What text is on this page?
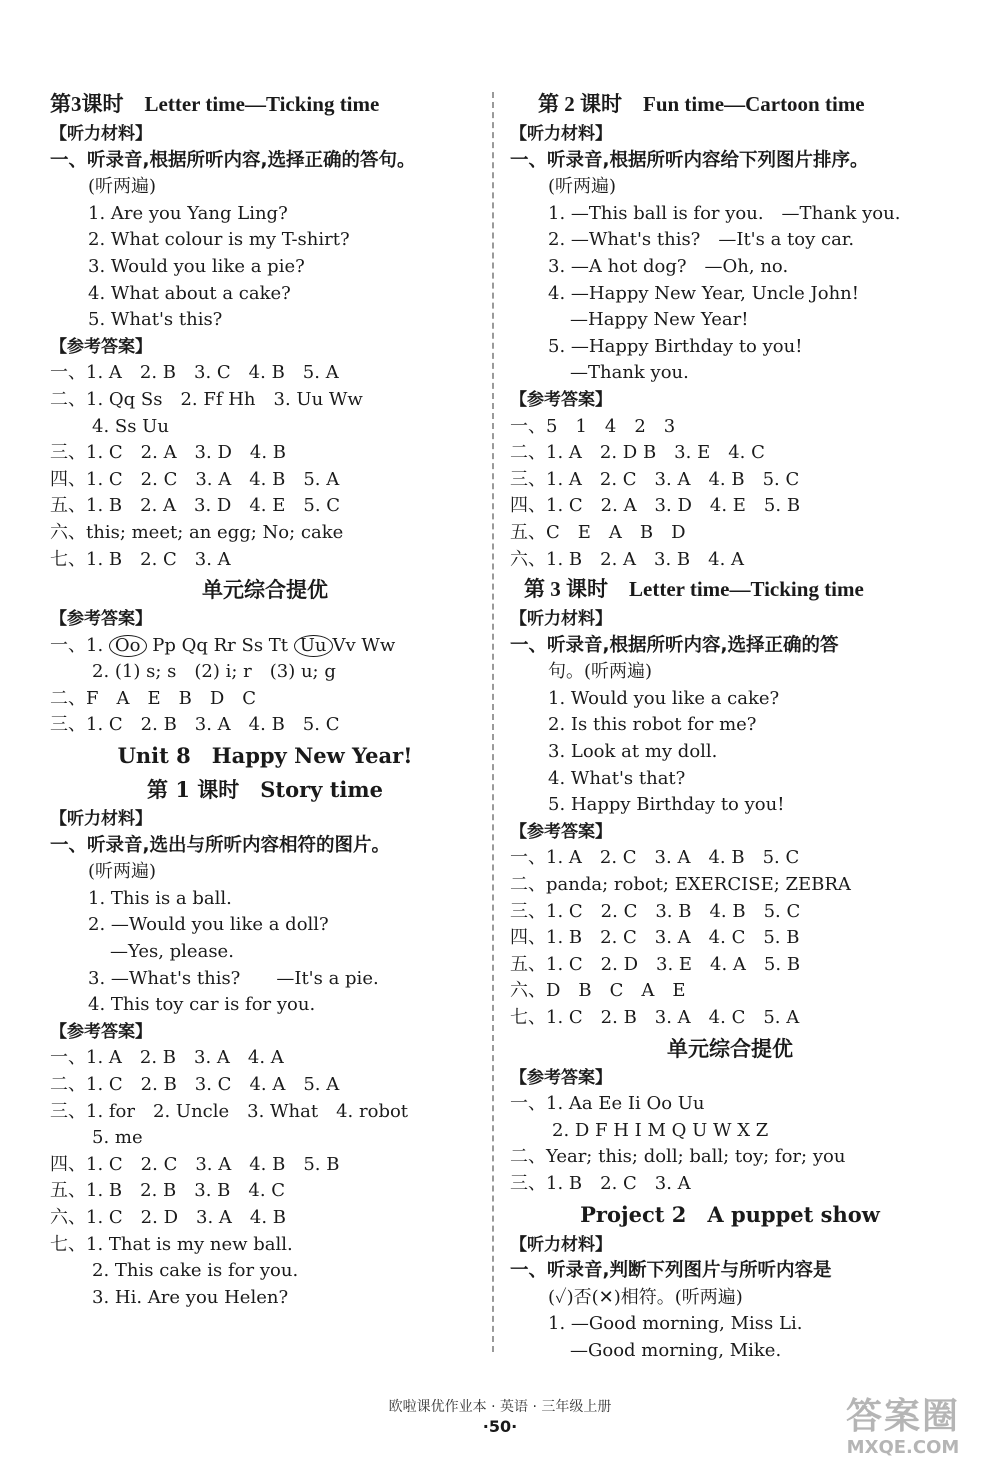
第3课时　Letter time—Ticking time
【听力材料】
一、听录音,根据所听内容,选择正确的答句。
(听两遍)
1. Are you Yang Ling?
2. What colour is my T-shirt?
3. Would you like a pie?
4. What about a cake?
5. What's this?
【参考答案】
一、1. A　2. B　3. C　4. B　5. A
二、1. Qq Ss　2. Ff Hh　3. Uu Ww
4. Ss Uu
三、1. C　2. A　3. D　4. B
四、1. C　2. C　3. A　4. B　5. A
五、1. B　2. A　3. D　4. E　5. C
六、this; meet; an egg; No; cake
七、1. B　2. C　3. A
单元综合提优
【参考答案】
一、1. Oo Pp Qq Rr Ss Tt Uu Vv Ww
2. (1) s; s　(2) i; r　(3) u; g
二、F　A　E　B　D　C
三、1. C　2. B　3. A　4. B　5. C
Unit 8　Happy New Year!
第 1 课时　Story time
【听力材料】
一、听录音,选出与所听内容相符的图片。
(听两遍)
1. This is a ball.
2. —Would you like a doll?
—Yes, please.
3. —What's this?　　—It's a pie.
4. This toy car is for you.
【参考答案】
一、1. A　2. B　3. A　4. A
二、1. C　2. B　3. C　4. A　5. A
三、1. for　2. Uncle　3. What　4. robot
5. me
四、1. C　2. C　3. A　4. B　5. B
五、1. B　2. B　3. B　4. C
六、1. C　2. D　3. A　4. B
七、1. That is my new ball.
2. This cake is for you.
3. Hi. Are you Helen?
第 2 课时　Fun time—Cartoon time
【听力材料】
一、听录音,根据所听内容给下列图片排序。
(听两遍)
1. —This ball is for you.　—Thank you.
2. —What's this?　—It's a toy car.
3. —A hot dog?　—Oh, no.
4. —Happy New Year, Uncle John!
—Happy New Year!
5. —Happy Birthday to you!
—Thank you.
【参考答案】
一、5　1　4　2　3
二、1. A　2. D B　3. E　4. C
三、1. A　2. C　3. A　4. B　5. C
四、1. C　2. A　3. D　4. E　5. B
五、C　E　A　B　D
六、1. B　2. A　3. B　4. A
第 3 课时　Letter time—Ticking time
【听力材料】
一、听录音,根据所听内容,选择正确的答
句。(听两遍)
1. Would you like a cake?
2. Is this robot for me?
3. Look at my doll.
4. What's that?
5. Happy Birthday to you!
【参考答案】
一、1. A　2. C　3. A　4. B　5. C
二、panda; robot; EXERCISE; ZEBRA
三、1. C　2. C　3. B　4. B　5. C
四、1. B　2. C　3. A　4. C　5. B
五、1. C　2. D　3. E　4. A　5. B
六、D　B　C　A　E
七、1. C　2. B　3. A　4. C　5. A
单元综合提优
【参考答案】
一、1. Aa Ee Ii Oo Uu
2. D F H I M Q U W X Z
二、Year; this; doll; ball; toy; for; you
三、1. B　2. C　3. A
Project 2　A puppet show
【听力材料】
一、听录音,判断下列图片与所听内容是
(✓)否(✕)相符。(听两遍)
1. —Good morning, Miss Li.
—Good morning, Mike.
欧啦课优作业本 · 英语 · 三年级上册
·50·	答案圈
MXQE.COM
